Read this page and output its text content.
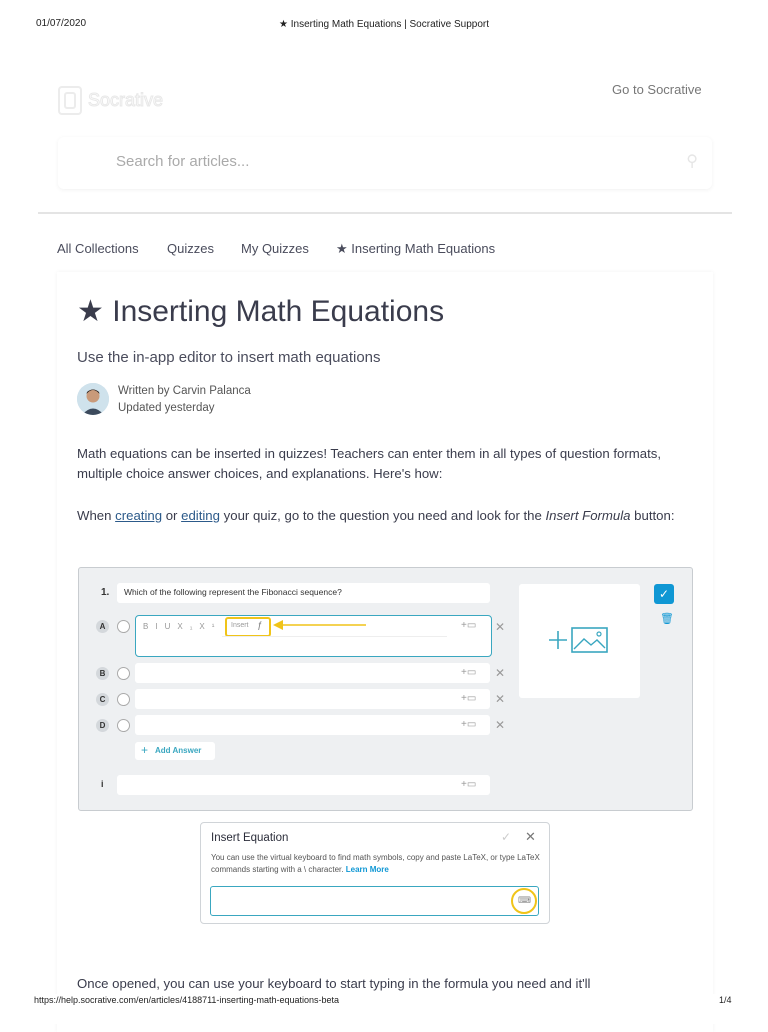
01/07/2020	★ Inserting Math Equations | Socrative Support
Socrative
Go to Socrative
Search for articles...
⚲
All Collections Quizzes My Quizzes ★ Inserting Math Equations
★ Inserting Math Equations
Use the in-app editor to insert math equations
Written by Carvin Palanca
Updated yesterday
Math equations can be inserted in quizzes! Teachers can enter them in all types of question formats, multiple choice answer choices, and explanations. Here's how:
When creating or editing your quiz, go to the question you need and look for the Insert Formula button:
1. Which of the following represent the Fibonacci sequence?
A	BIUX₁X¹ Insert ƒ	+▭ ✕
B	+▭ ✕
C	+▭ ✕
D	+▭ ✕
+ Add Answer
i	+▭
✓
🗑
Insert Equation	✓ ✕
You can use the virtual keyboard to find math symbols, copy and paste LaTeX, or type LaTeX commands starting with a \ character. Learn More
⌨
Once opened, you can use your keyboard to start typing in the formula you need and it'll
https://help.socrative.com/en/articles/4188711-inserting-math-equations-beta	1/4
